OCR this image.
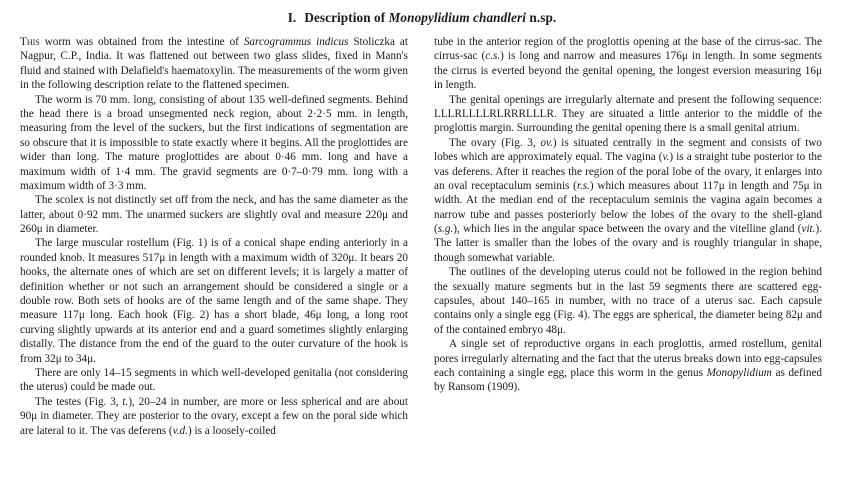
I. Description of Monopylidium chandleri n.sp.

This worm was obtained from the intestine of Sarcogrammus indicus Stoliczka at Nagpur, C.P., India. It was flattened out between two glass slides, fixed in Mann's fluid and stained with Delafield's haematoxylin. The measurements of the worm given in the following description relate to the flattened specimen.

The worm is 70 mm. long, consisting of about 135 well-defined segments. Behind the head there is a broad unsegmented neck region, about 2·2·5 mm. in length, measuring from the level of the suckers, but the first indications of segmentation are so obscure that it is impossible to state exactly where it begins. All the proglottides are wider than long. The mature proglottides are about 0·46 mm. long and have a maximum width of 1·4 mm. The gravid segments are 0·7–0·79 mm. long with a maximum width of 3·3 mm.

The scolex is not distinctly set off from the neck, and has the same diameter as the latter, about 0·92 mm. The unarmed suckers are slightly oval and measure 220μ and 260μ in diameter.

The large muscular rostellum (Fig. 1) is of a conical shape ending anteriorly in a rounded knob. It measures 517μ in length with a maximum width of 320μ. It bears 20 hooks, the alternate ones of which are set on different levels; it is largely a matter of definition whether or not such an arrangement should be considered a single or a double row. Both sets of hooks are of the same length and of the same shape. They measure 117μ long. Each hook (Fig. 2) has a short blade, 46μ long, a long root curving slightly upwards at its anterior end and a guard sometimes slightly enlarging distally. The distance from the end of the guard to the outer curvature of the hook is from 32μ to 34μ.

There are only 14–15 segments in which well-developed genitalia (not considering the uterus) could be made out.

The testes (Fig. 3, t.), 20–24 in number, are more or less spherical and are about 90μ in diameter. They are posterior to the ovary, except a few on the poral side which are lateral to it. The vas deferens (v.d.) is a loosely-coiled

tube in the anterior region of the proglottis opening at the base of the cirrus-sac. The cirrus-sac (c.s.) is long and narrow and measures 176μ in length. In some segments the cirrus is everted beyond the genital opening, the longest eversion measuring 16μ in length.

The genital openings are irregularly alternate and present the following sequence: LLLRLLLLRLRRRLLLR. They are situated a little anterior to the middle of the proglottis margin. Surrounding the genital opening there is a small genital atrium.

The ovary (Fig. 3, ov.) is situated centrally in the segment and consists of two lobes which are approximately equal. The vagina (v.) is a straight tube posterior to the vas deferens. After it reaches the region of the poral lobe of the ovary, it enlarges into an oval receptaculum seminis (r.s.) which measures about 117μ in length and 75μ in width. At the median end of the receptaculum seminis the vagina again becomes a narrow tube and passes posteriorly below the lobes of the ovary to the shell-gland (s.g.), which lies in the angular space between the ovary and the vitelline gland (vit.). The latter is smaller than the lobes of the ovary and is roughly triangular in shape, though somewhat variable.

The outlines of the developing uterus could not be followed in the region behind the sexually mature segments but in the last 59 segments there are scattered egg-capsules, about 140–165 in number, with no trace of a uterus sac. Each capsule contains only a single egg (Fig. 4). The eggs are spherical, the diameter being 82μ and of the contained embryo 48μ.

A single set of reproductive organs in each proglottis, armed rostellum, genital pores irregularly alternating and the fact that the uterus breaks down into egg-capsules each containing a single egg, place this worm in the genus Monopylidium as defined by Ransom (1909).
